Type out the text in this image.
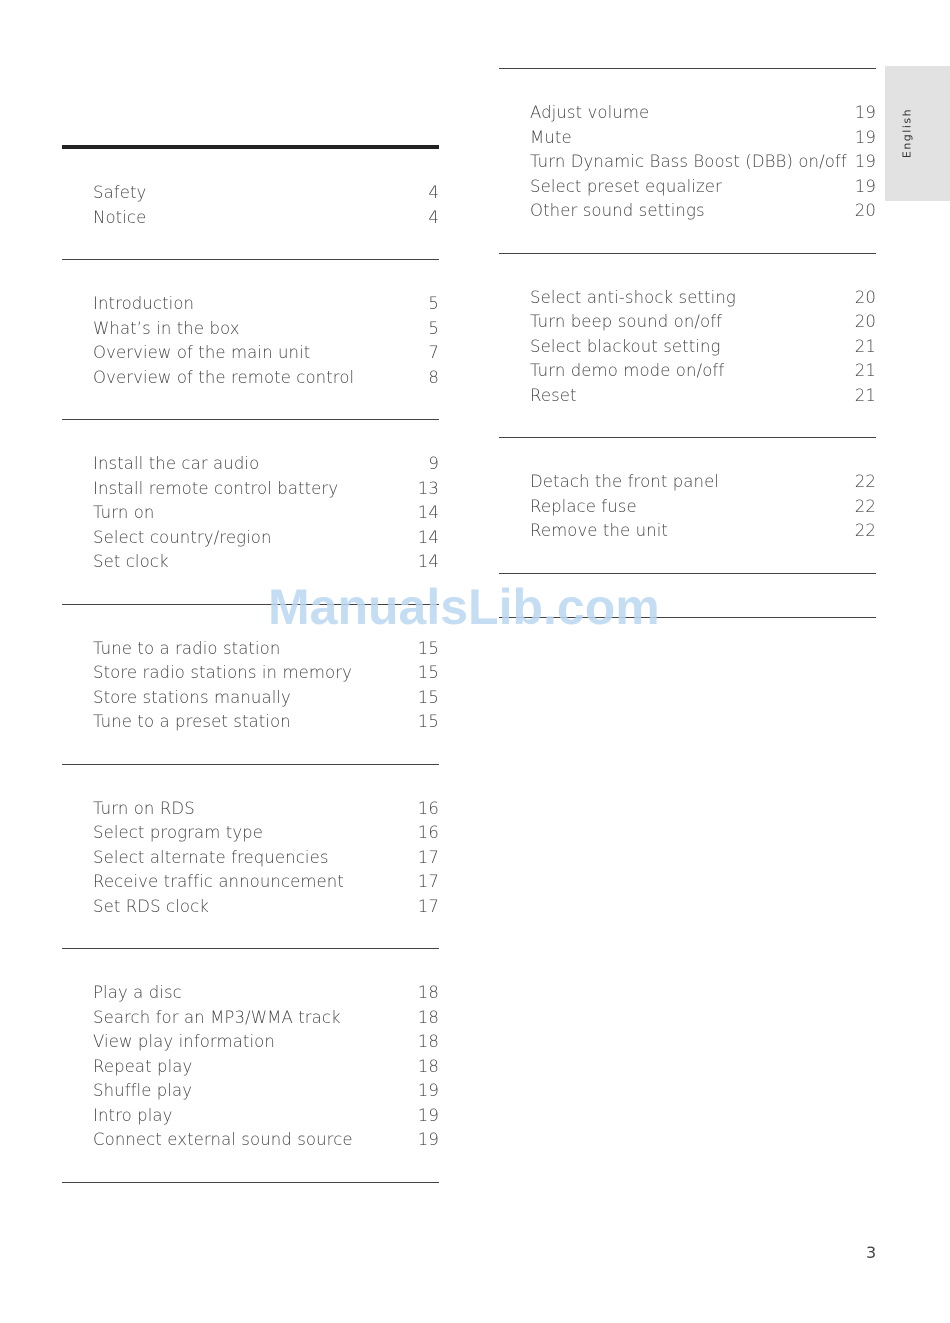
English
Safety	4
Notice	4
Introduction	5
What’s in the box	5
Overview of the main unit	7
Overview of the remote control	8
Install the car audio	9
Install remote control battery	13
Turn on	14
Select country/region	14
Set clock	14
Tune to a radio station	15
Store radio stations in memory	15
Store stations manually	15
Tune to a preset station	15
Turn on RDS	16
Select program type	16
Select alternate frequencies	17
Receive traffic announcement	17
Set RDS clock	17
Play a disc	18
Search for an MP3/WMA track	18
View play information	18
Repeat play	18
Shuffle play	19
Intro play	19
Connect external sound source	19
Adjust volume	19
Mute	19
Turn Dynamic Bass Boost (DBB) on/off 19
Select preset equalizer	19
Other sound settings	20
Select anti-shock setting	20
Turn beep sound on/off	20
Select blackout setting	21
Turn demo mode on/off	21
Reset	21
Detach the front panel	22
Replace fuse	22
Remove the unit	22
ManualsLib.com
3
